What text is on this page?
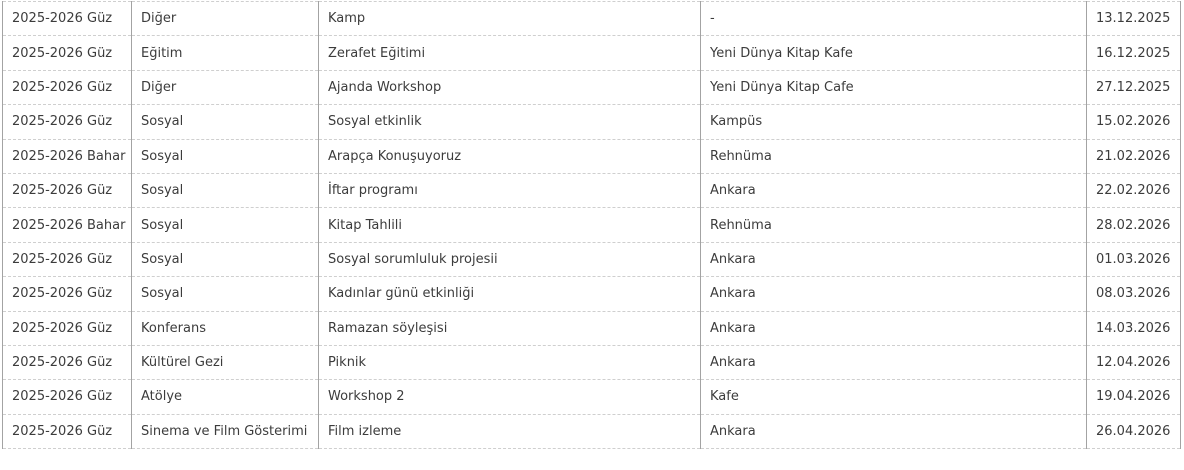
2025-2026 Güz	Diğer	Kamp	-	13.12.2025
2025-2026 Güz	Eğitim	Zerafet Eğitimi	Yeni Dünya Kitap Kafe	16.12.2025
2025-2026 Güz	Diğer	Ajanda Workshop	Yeni Dünya Kitap Cafe	27.12.2025
2025-2026 Güz	Sosyal	Sosyal etkinlik	Kampüs	15.02.2026
2025-2026 Bahar	Sosyal	Arapça Konuşuyoruz	Rehnüma	21.02.2026
2025-2026 Güz	Sosyal	İftar programı	Ankara	22.02.2026
2025-2026 Bahar	Sosyal	Kitap Tahlili	Rehnüma	28.02.2026
2025-2026 Güz	Sosyal	Sosyal sorumluluk projesii	Ankara	01.03.2026
2025-2026 Güz	Sosyal	Kadınlar günü etkinliği	Ankara	08.03.2026
2025-2026 Güz	Konferans	Ramazan söyleşisi	Ankara	14.03.2026
2025-2026 Güz	Kültürel Gezi	Piknik	Ankara	12.04.2026
2025-2026 Güz	Atölye	Workshop 2	Kafe	19.04.2026
2025-2026 Güz	Sinema ve Film Gösterimi	Film izleme	Ankara	26.04.2026
